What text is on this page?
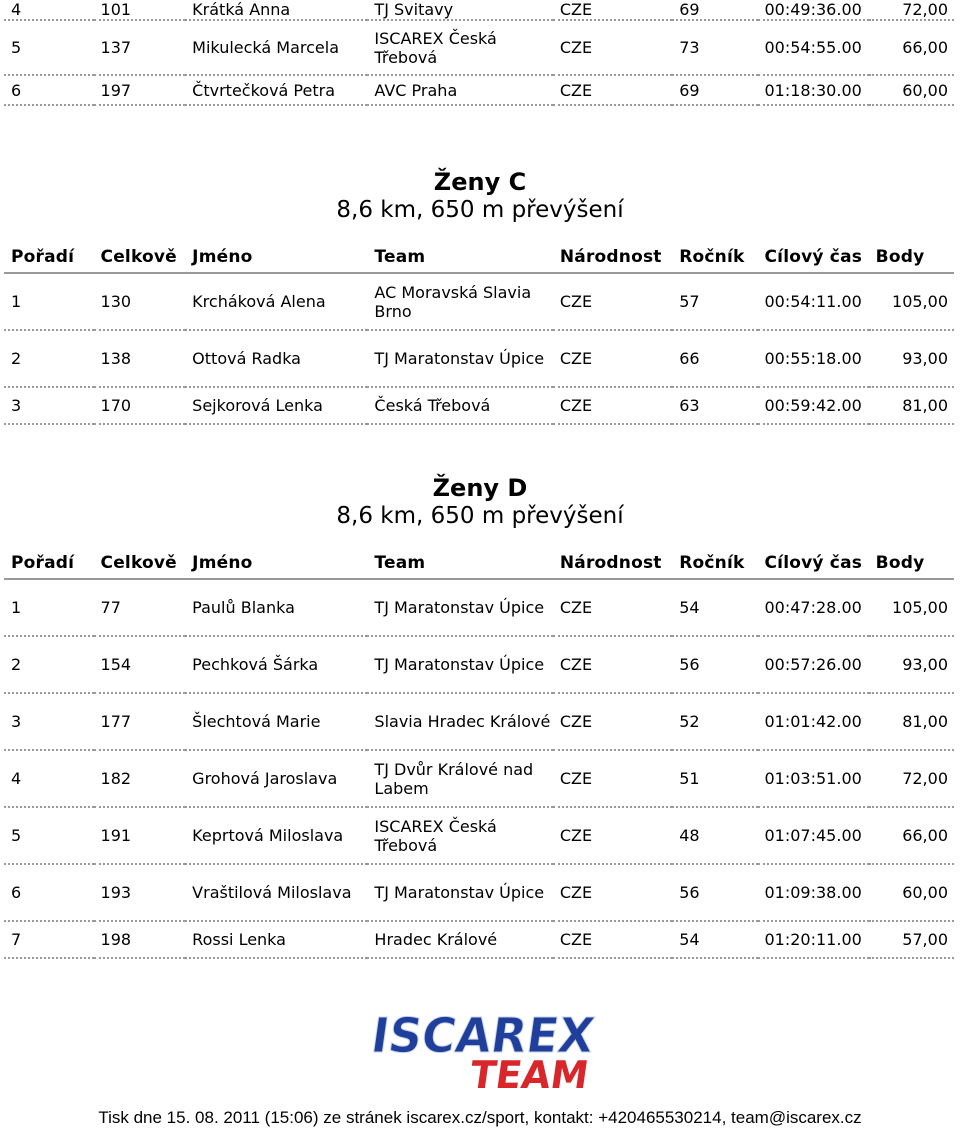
4	101	Krátká Anna	TJ Svitavy	CZE	69	00:49:36.00	72,00
5	137	Mikulecká Marcela	ISCAREX Česká Třebová	CZE	73	00:54:55.00	66,00
6	197	Čtvrtečková Petra	AVC Praha	CZE	69	01:18:30.00	60,00
Ženy C
8,6 km, 650 m převýšení
Pořadí	Celkově	Jméno	Team	Národnost	Ročník	Cílový čas	Body
1	130	Krcháková Alena	AC Moravská Slavia Brno	CZE	57	00:54:11.00	105,00
2	138	Ottová Radka	TJ Maratonstav Úpice	CZE	66	00:55:18.00	93,00
3	170	Sejkorová Lenka	Česká Třebová	CZE	63	00:59:42.00	81,00
Ženy D
8,6 km, 650 m převýšení
Pořadí	Celkově	Jméno	Team	Národnost	Ročník	Cílový čas	Body
1	77	Paulů Blanka	TJ Maratonstav Úpice	CZE	54	00:47:28.00	105,00
2	154	Pechková Šárka	TJ Maratonstav Úpice	CZE	56	00:57:26.00	93,00
3	177	Šlechtová Marie	Slavia Hradec Králové	CZE	52	01:01:42.00	81,00
4	182	Grohová Jaroslava	TJ Dvůr Králové nad Labem	CZE	51	01:03:51.00	72,00
5	191	Keprtová Miloslava	ISCAREX Česká Třebová	CZE	48	01:07:45.00	66,00
6	193	Vraštilová Miloslava	TJ Maratonstav Úpice	CZE	56	01:09:38.00	60,00
7	198	Rossi Lenka	Hradec Králové	CZE	54	01:20:11.00	57,00
ISCAREX
TEAM
Tisk dne 15. 08. 2011 (15:06) ze stránek iscarex.cz/sport, kontakt: +420465530214, team@iscarex.cz
